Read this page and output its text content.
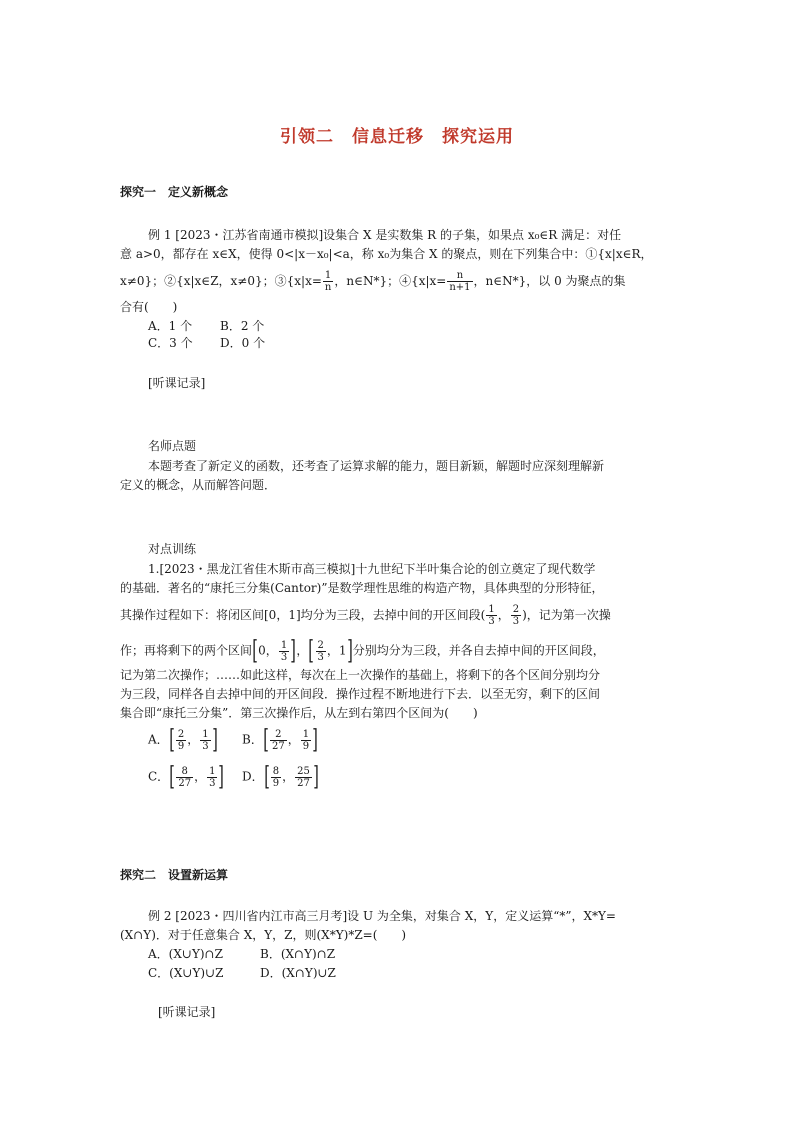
引领二　信息迁移　探究运用
探究一　定义新概念
例 1 [2023・江苏省南通市模拟]设集合 X 是实数集 R 的子集，如果点 x₀∈R 满足：对任
意 a>0，都存在 x∈X，使得 0<|x－x₀|<a，称 x₀为集合 X 的聚点，则在下列集合中：①{x|x∈R，
x≠0}；②{x|x∈Z，x≠0}；③{x|x= $\frac{1}{n}$ ，n∈N*}；④{x|x= $\frac{n}{n+1}$ ，n∈N*}，以 0 为聚点的集
合有(　　)
A．1 个 B．2 个
C．3 个 D．0 个
[听课记录]
名师点题
本题考查了新定义的函数，还考查了运算求解的能力，题目新颖，解题时应深刻理解新
定义的概念，从而解答问题．
对点训练
1.[2023・黑龙江省佳木斯市高三模拟]十九世纪下半叶集合论的创立奠定了现代数学
的基础．著名的“康托三分集(Cantor)”是数学理性思维的构造产物，具体典型的分形特征，
其操作过程如下：将闭区间[0，1]均分为三段，去掉中间的开区间段( $\frac{1}{3}$ ， $\frac{2}{3}$ )，记为第一次操
作；再将剩下的两个区间[0， $\frac{1}{3}$ ]，[ $\frac{2}{3}$ ，1]分别均分为三段，并各自去掉中间的开区间段，
记为第二次操作；……如此这样，每次在上一次操作的基础上，将剩下的各个区间分别均分
为三段，同样各自去掉中间的开区间段．操作过程不断地进行下去．以至无穷，剩下的区间
集合即“康托三分集”．第三次操作后，从左到右第四个区间为(　　)
A．[ $\frac{2}{9}$ ， $\frac{1}{3}$ ] B．[ $\frac{2}{27}$ ， $\frac{1}{9}$ ]
C．[ $\frac{8}{27}$ ， $\frac{1}{3}$ ] D．[ $\frac{8}{9}$ ， $\frac{25}{27}$ ]
探究二　设置新运算
例 2 [2023・四川省内江市高三月考]设 U 为全集，对集合 X，Y，定义运算“*”，X*Y=
(X∩Y)．对于任意集合 X，Y，Z，则(X*Y)*Z=(　　)
A．(X∪Y)∩Z	B．(X∩Y)∩Z
C．(X∪Y)∪Z	D．(X∩Y)∪Z
[听课记录]
